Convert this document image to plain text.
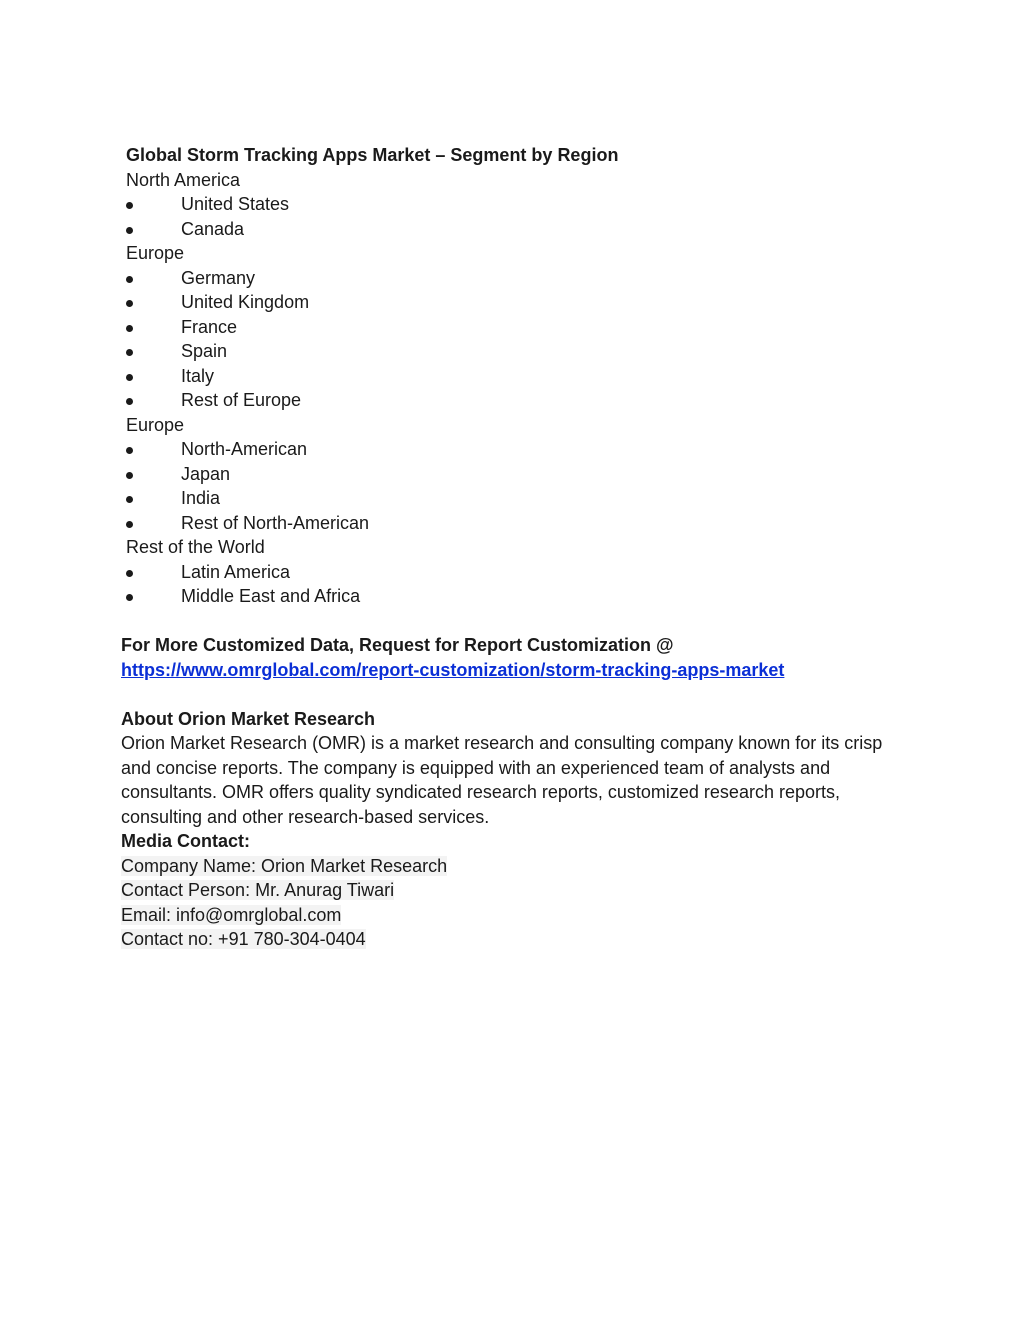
Global Storm Tracking Apps Market – Segment by Region
North America
United States
Canada
Europe
Germany
United Kingdom
France
Spain
Italy
Rest of Europe
Europe
North-American
Japan
India
Rest of North-American
Rest of the World
Latin America
Middle East and Africa
For More Customized Data, Request for Report Customization @
https://www.omrglobal.com/report-customization/storm-tracking-apps-market
About Orion Market Research
Orion Market Research (OMR) is a market research and consulting company known for its crisp
and concise reports. The company is equipped with an experienced team of analysts and
consultants. OMR offers quality syndicated research reports, customized research reports,
consulting and other research-based services.
Media Contact:
Company Name: Orion Market Research
Contact Person: Mr. Anurag Tiwari
Email: info@omrglobal.com
Contact no: +91 780-304-0404
